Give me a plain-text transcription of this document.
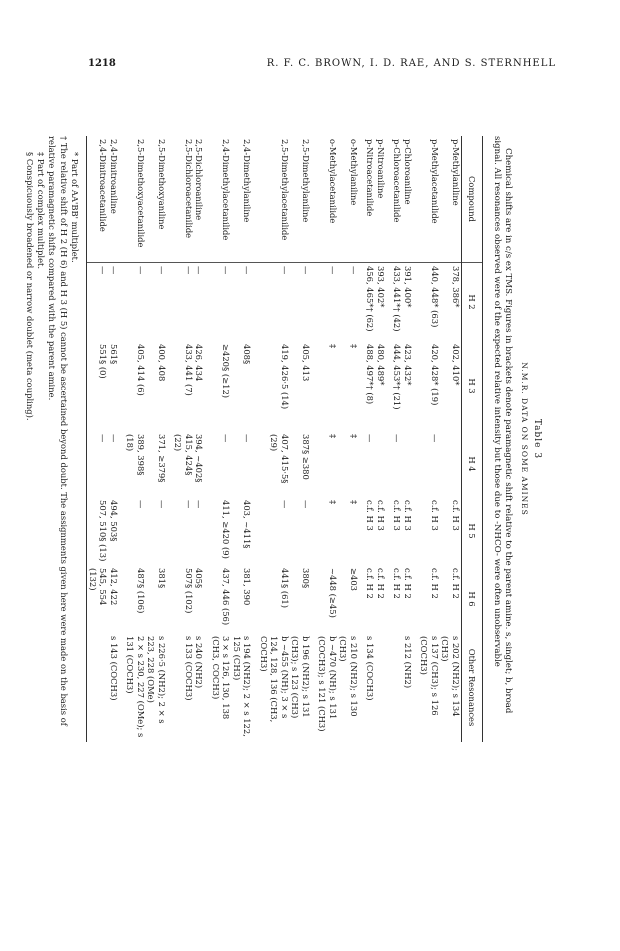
1218	R. F. C. BROWN, I. D. RAE, AND S. STERNHELL
Table 3
N.M.R. DATA ON SOME AMINES
Chemical shifts are in c/s ex TMS. Figures in brackets denote paramagnetic shift relative to the parent amine. s, singlet; b, broad signal. All resonances observed were of the expected relative intensity but those due to -NHCO- were often unobservable
Compound	H 2	H 3	H 4	H 5	H 6	Other Resonances
p-Methylaniline	378, 386*	402, 410*		c.f. H 3	c.f. H 2	s 202 (NH2); s 134 (CH3)
p-Methylacetanilide	440, 448* (63)	420, 428* (19)	—	c.f. H 3	c.f. H 2	s 137 (CH3); s 126 (COCH3)

p-Chloroaniline	391, 400*	423, 432*		c.f. H 3	c.f. H 2	s 212 (NH2)
p-Chloroacetanilide	433, 441*† (42)	444, 453*† (21)	—	c.f. H 3	c.f. H 2	

p-Nitroaniline	393, 402*	480, 489*		c.f. H 3	c.f. H 2	
p-Nitroacetanilide	456, 465*† (62)	488, 497*† (8)	—	c.f. H 3	c.f. H 2	s 134 (COCH3)

o-Methylaniline	—	‡	‡	‡	≥403	s 210 (NH2); s 130 (CH3)
o-Methylacetanilide	—	‡	‡	‡	~448 (≥45)	b ~470 (NH); s 131 (COCH3); s 121 (CH3)

2,5-Dimethylaniline	—	405, 413	387§ ≥380	—	380§	b 196 (NH2); s 131 (CH3); s 123 (CH3)
2,5-Dimethylacetanilide	—	419, 426·5 (14)	407, 415·5§ (29)	—	441§ (61)	b ~455 (NH); 3 × s 124, 128, 136 (CH3, COCH3)

2,4-Dimethylaniline	—	408§	—	403, ~411§	381, 390	s 194 (NH2); 2 × s 122, 125 (CH3)
2,4-Dimethylacetanilide	—	≥420§ (≥12)	—	411, ≥420 (9)	437, 446 (56)	3 × s 126, 130, 138 (CH3, COCH3)

2,5-Dichloroaniline	—	426, 434	394, ~402§	—	405§	s 240 (NH2)
2,5-Dichloroacetanilide	—	433, 441 (7)	415, 424§ (22)	—	507§ (102)	s 133 (COCH3)

2,5-Dimethoxyaniline	—	400, 408	371, ≥379§	—	381§	s 226·5 (NH2); 2 × s 223, 228 (OMe)
2,5-Dimethoxyacetanilide	—	405, 414 (6)	389, 398§ (18)	—	487§ (106)	2 × s 230, 227 (OMe); s 131 (COCH3)

2,4-Dinitroaniline	—	561§	—	494, 503§	412, 422	s 143 (COCH3)
2,4-Dinitroacetanilide	—	551§ (0)	—	507, 510§ (13)	545, 554 (132)	

* Part of AA'BB' multiplet.

† The relative shift of H 2 (H 6) and H 3 (H 5) cannot be ascertained beyond doubt. The assignments given here were made on the basis of relative paramagnetic shifts compared with the parent amine.

‡ Part of complex multiplet.

§ Conspicuously broadened or narrow doublet (meta coupling).
